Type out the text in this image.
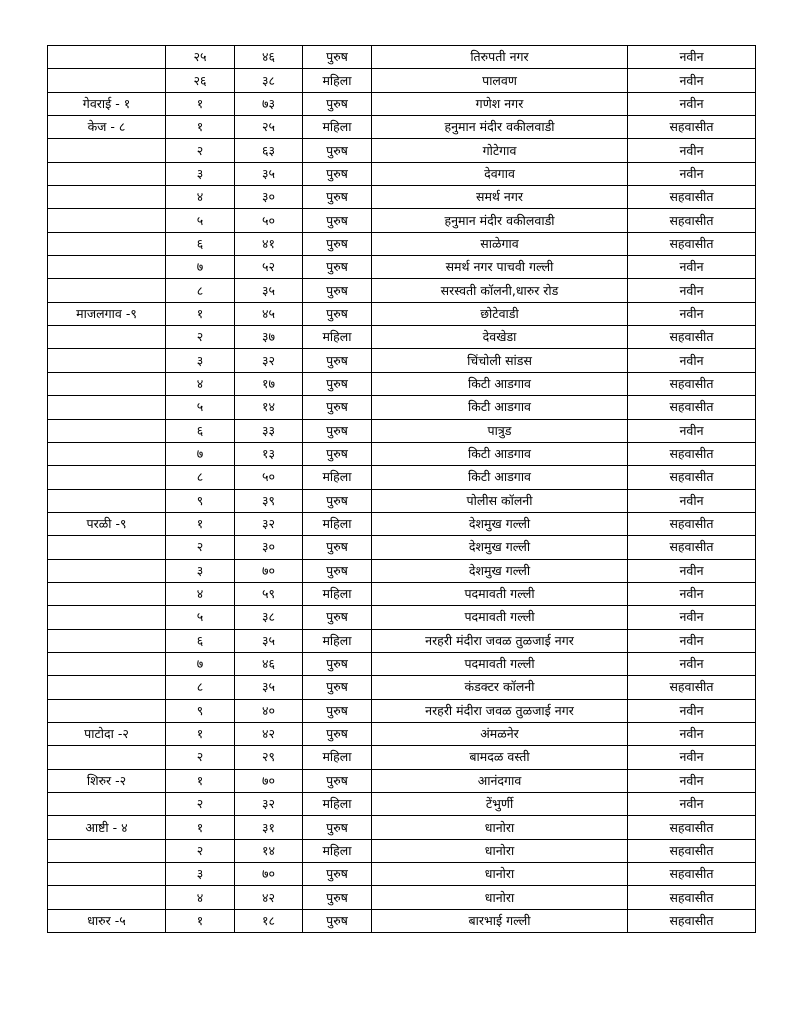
	२५	४६	पुरुष	तिरुपती नगर	नवीन
	२६	३८	महिला	पालवण	नवीन
गेवराई - १	१	७३	पुरुष	गणेश नगर	नवीन
केज - ८	१	२५	महिला	हनुमान मंदीर वकीलवाडी	सहवासीत
	२	६३	पुरुष	गोटेगाव	नवीन
	३	३५	पुरुष	देवगाव	नवीन
	४	३०	पुरुष	समर्थ नगर	सहवासीत
	५	५०	पुरुष	हनुमान मंदीर वकीलवाडी	सहवासीत
	६	४१	पुरुष	साळेगाव	सहवासीत
	७	५२	पुरुष	समर्थ नगर पाचवी गल्ली	नवीन
	८	३५	पुरुष	सरस्वती कॉलनी,धारुर रोड	नवीन
माजलगाव -९	१	४५	पुरुष	छोटेवाडी	नवीन
	२	३७	महिला	देवखेडा	सहवासीत
	३	३२	पुरुष	चिंचोली सांडस	नवीन
	४	१७	पुरुष	किटी आडगाव	सहवासीत
	५	१४	पुरुष	किटी आडगाव	सहवासीत
	६	३३	पुरुष	पात्रुड	नवीन
	७	१३	पुरुष	किटी आडगाव	सहवासीत
	८	५०	महिला	किटी आडगाव	सहवासीत
	९	३९	पुरुष	पोलीस कॉलनी	नवीन
परळी -९	१	३२	महिला	देशमुख गल्ली	सहवासीत
	२	३०	पुरुष	देशमुख गल्ली	सहवासीत
	३	७०	पुरुष	देशमुख गल्ली	नवीन
	४	५९	महिला	पदमावती गल्ली	नवीन
	५	३८	पुरुष	पदमावती गल्ली	नवीन
	६	३५	महिला	नरहरी मंदीरा जवळ तुळजाई नगर	नवीन
	७	४६	पुरुष	पदमावती गल्ली	नवीन
	८	३५	पुरुष	कंडक्टर कॉलनी	सहवासीत
	९	४०	पुरुष	नरहरी मंदीरा जवळ तुळजाई नगर	नवीन
पाटोदा -२	१	४२	पुरुष	अंमळनेर	नवीन
	२	२९	महिला	बामदळ वस्ती	नवीन
शिरुर -२	१	७०	पुरुष	आनंदगाव	नवीन
	२	३२	महिला	टेंभुर्णी	नवीन
आष्टी - ४	१	३१	पुरुष	धानोरा	सहवासीत
	२	१४	महिला	धानोरा	सहवासीत
	३	७०	पुरुष	धानोरा	सहवासीत
	४	४२	पुरुष	धानोरा	सहवासीत
धारुर -५	१	१८	पुरुष	बारभाई गल्ली	सहवासीत
